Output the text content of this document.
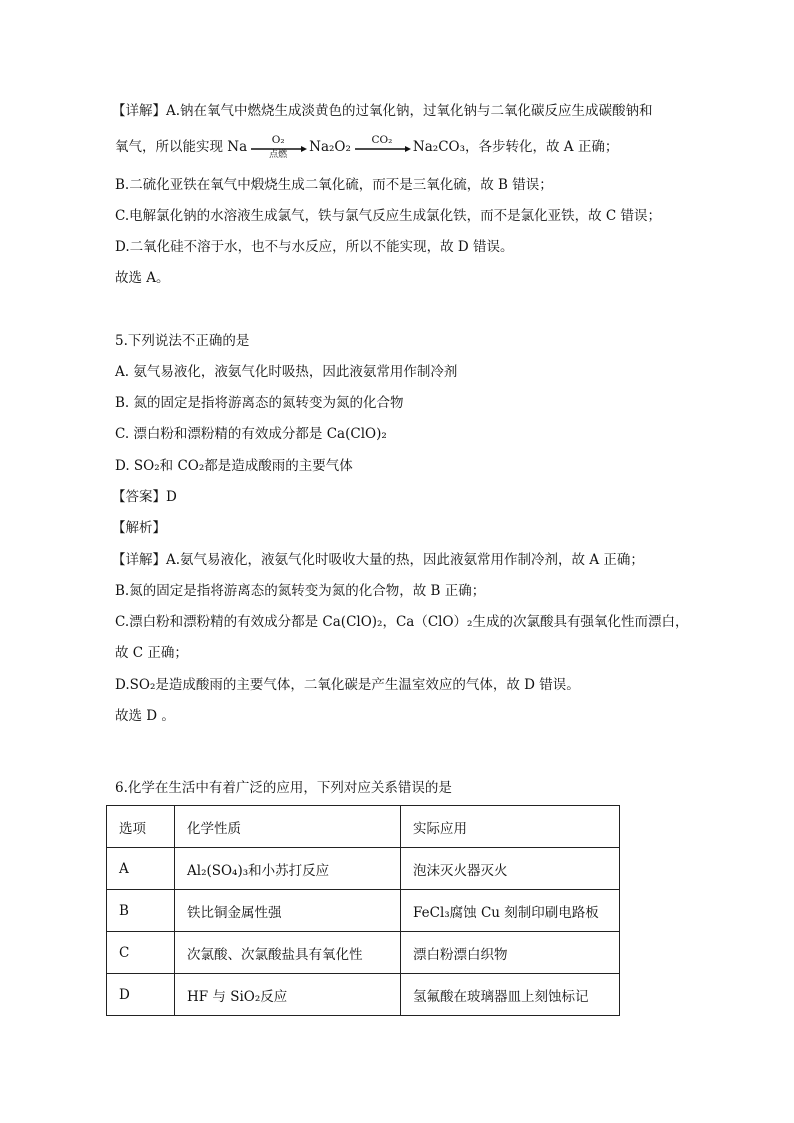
【详解】A.钠在氧气中燃烧生成淡黄色的过氧化钠，过氧化钠与二氧化碳反应生成碳酸钠和
氧气，所以能实现 Na	O₂
点燃	Na₂O₂	CO₂	Na₂CO₃，各步转化，故 A 正确；
B.二硫化亚铁在氧气中煅烧生成二氧化硫，而不是三氧化硫，故 B 错误；
C.电解氯化钠的水溶液生成氯气，铁与氯气反应生成氯化铁，而不是氯化亚铁，故 C 错误；
D.二氧化硅不溶于水，也不与水反应，所以不能实现，故 D 错误。
故选 A。
5.下列说法不正确的是
A. 氨气易液化，液氨气化时吸热，因此液氨常用作制冷剂
B. 氮的固定是指将游离态的氮转变为氮的化合物
C. 漂白粉和漂粉精的有效成分都是 Ca(ClO)₂
D. SO₂和 CO₂都是造成酸雨的主要气体
【答案】D
【解析】
【详解】A.氨气易液化，液氨气化时吸收大量的热，因此液氨常用作制冷剂，故 A 正确；
B.氮的固定是指将游离态的氮转变为氮的化合物，故 B 正确；
C.漂白粉和漂粉精的有效成分都是 Ca(ClO)₂，Ca（ClO）₂生成的次氯酸具有强氧化性而漂白，
故 C 正确；
D.SO₂是造成酸雨的主要气体，二氧化碳是产生温室效应的气体，故 D 错误。
故选 D 。
6.化学在生活中有着广泛的应用，下列对应关系错误的是
选项	化学性质	实际应用
A	Al₂(SO₄)₃和小苏打反应	泡沫灭火器灭火
B	铁比铜金属性强	FeCl₃腐蚀 Cu 刻制印刷电路板
C	次氯酸、次氯酸盐具有氧化性	漂白粉漂白织物
D	HF 与 SiO₂反应	氢氟酸在玻璃器皿上刻蚀标记
